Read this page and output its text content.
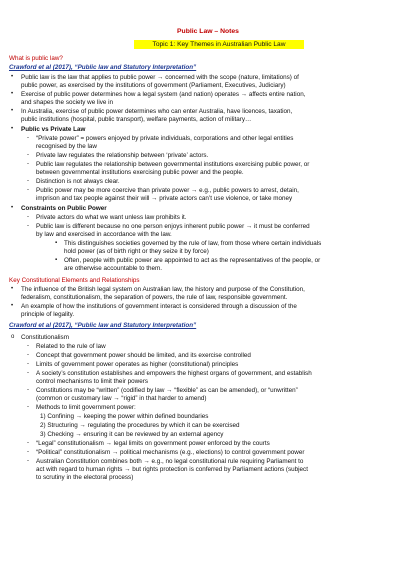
Public Law – Notes
Topic 1: Key Themes in Australian Public Law
What is public law?
Crawford et al (2017), “Public law and Statutory Interpretation”
• Public law is the law that applies to public power → concerned with the scope (nature, limitations) of
public power, as exercised by the institutions of government (Parliament, Executives, Judiciary)
• Exercise of public power determines how a legal system (and nation) operates → affects entire nation,
and shapes the society we live in
• In Australia, exercise of public power determines who can enter Australia, have licences, taxation,
public institutions (hospital, public transport), welfare payments, action of military…
• Public vs Private Law
- “Private power” = powers enjoyed by private individuals, corporations and other legal entities
recognised by the law
- Private law regulates the relationship between ‘private’ actors.
- Public law regulates the relationship between governmental institutions exercising public power, or
between governmental institutions exercising public power and the people.
- Distinction is not always clear.
- Public power may be more coercive than private power → e.g., public powers to arrest, detain,
imprison and tax people against their will → private actors can’t use violence, or take money
• Constraints on Public Power
- Private actors do what we want unless law prohibits it.
- Public law is different because no one person enjoys inherent public power → it must be conferred
by law and exercised in accordance with the law.
▪ This distinguishes societies governed by the rule of law, from those where certain individuals
hold power (as of birth right or they seize it by force)
▪ Often, people with public power are appointed to act as the representatives of the people, or
are otherwise accountable to them.
Key Constitutional Elements and Relationships
• The influence of the British legal system on Australian law, the history and purpose of the Constitution,
federalism, constitutionalism, the separation of powers, the rule of law, responsible government.
• An example of how the institutions of government interact is considered through a discussion of the
principle of legality.
Crawford et al (2017), “Public law and Statutory Interpretation”
o Constitutionalism
- Related to the rule of law
- Concept that government power should be limited, and its exercise controlled
- Limits of government power operates as higher (constitutional) principles
- A society’s constitution establishes and empowers the highest organs of government, and establish
control mechanisms to limit their powers
- Constitutions may be “written” (codified by law → “flexible” as can be amended), or “unwritten”
(common or customary law → “rigid” in that harder to amend)
- Methods to limit government power:
1) Confining → keeping the power within defined boundaries
2) Structuring → regulating the procedures by which it can be exercised
3) Checking → ensuring it can be reviewed by an external agency
- “Legal” constitutionalism → legal limits on government power enforced by the courts
- “Political” constitutionalism → political mechanisms (e.g., elections) to control government power
- Australian Constitution combines both → e.g., no legal constitutional rule requiring Parliament to
act with regard to human rights → but rights protection is conferred by Parliament actions (subject
to scrutiny in the electoral process)
